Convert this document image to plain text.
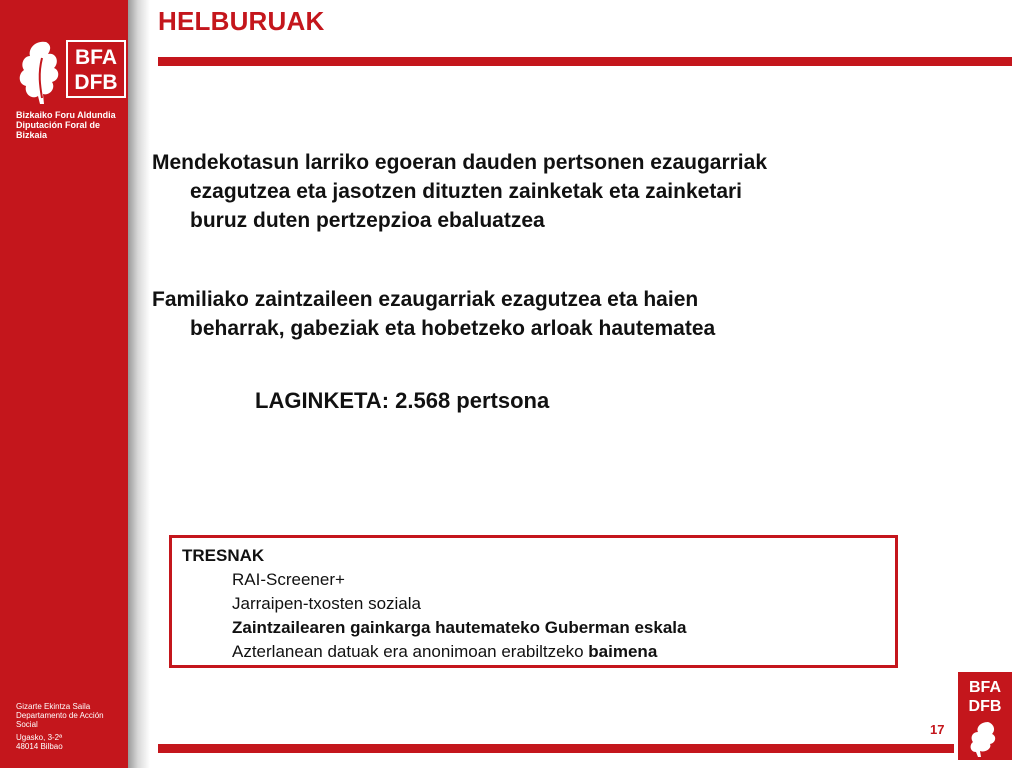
BFA
DFB
Bizkaiko Foru Aldundia
Diputación Foral de Bizkaia
Gizarte Ekintza Saila
Departamento de Acción Social
Ugasko, 3-2ª
48014 Bilbao
HELBURUAK
Mendekotasun larriko egoeran dauden pertsonen ezaugarriak
ezagutzea eta jasotzen dituzten zainketak eta zainketari
buruz duten pertzepzioa ebaluatzea
Familiako zaintzaileen ezaugarriak ezagutzea eta haien
beharrak, gabeziak eta hobetzeko arloak hautematea
LAGINKETA: 2.568 pertsona
TRESNAK
RAI-Screener+
Jarraipen-txosten soziala
Zaintzailearen gainkarga hautemateko Guberman eskala
Azterlanean datuak era anonimoan erabiltzeko baimena
17
BFA
DFB
